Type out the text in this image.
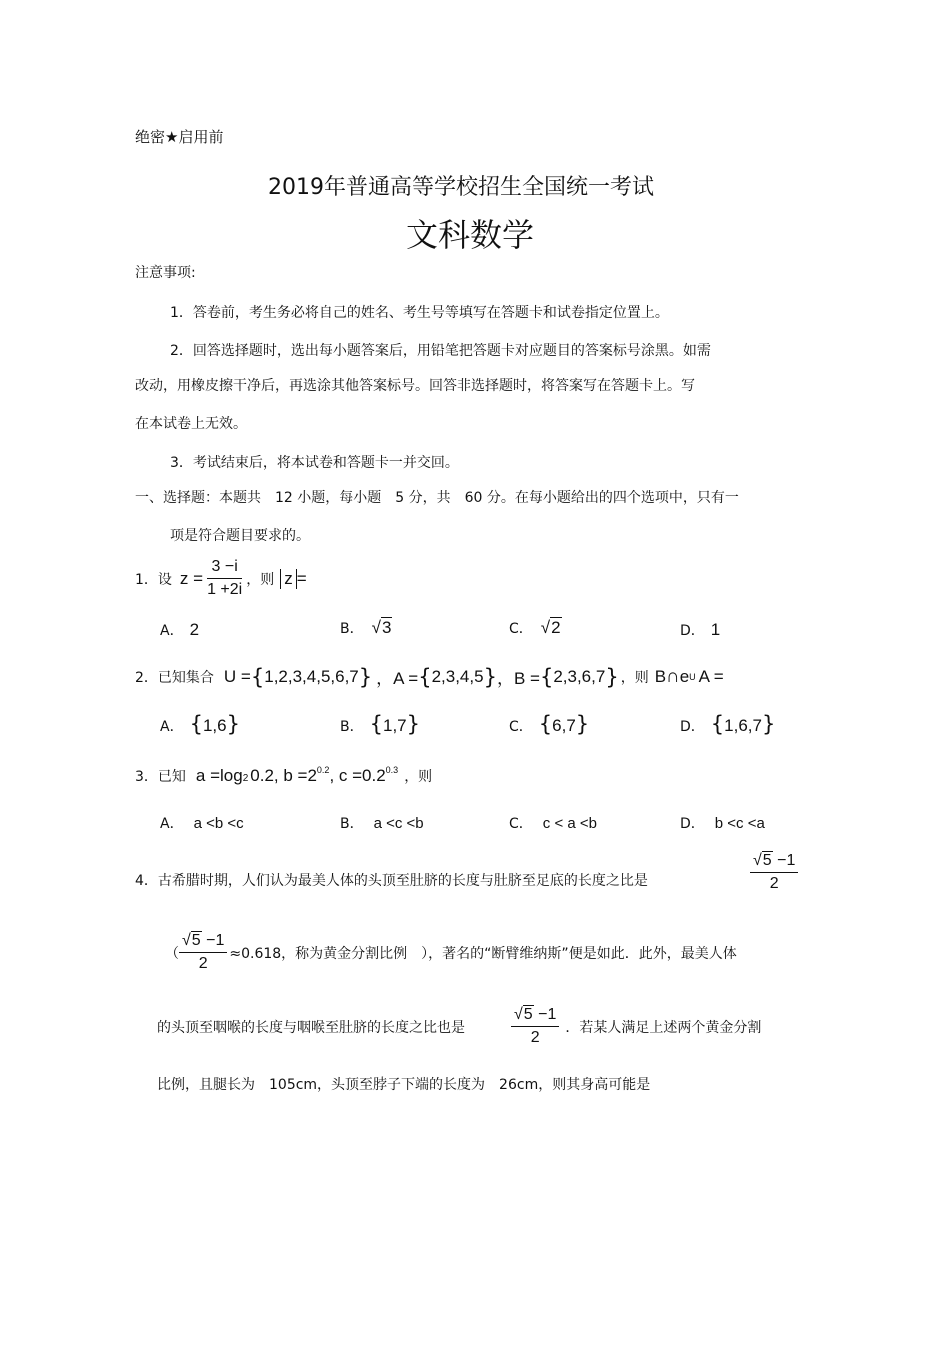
绝密★启用前
2019年普通高等学校招生全国统一考试
文科数学
注意事项:
1．答卷前，考生务必将自己的姓名、考生号等填写在答题卡和试卷指定位置上。
2．回答选择题时，选出每小题答案后，用铅笔把答题卡对应题目的答案标号涂黑。如需
改动，用橡皮擦干净后，再选涂其他答案标号。回答非选择题时，将答案写在答题卡上。写
在本试卷上无效。
3．考试结束后，将本试卷和答题卡一并交回。
一、选择题：本题共　12 小题，每小题　5 分，共　60 分。在每小题给出的四个选项中，只有一
项是符合题目要求的。
1．设 $z = \frac{3 -i}{1 +2i}$ ，则 z =
A． 2	B． √3	C． √2	D． 1
2．已知集合 U = { 1,2,3,4,5,6,7 } ，A = { 2,3,4,5 } ，B = { 2,3,6,7 } ，则 B ∩ e U A =
A． {1,6}	B． {1,7}	C． {6,7}	D． {1,6,7}
3．已知 a =log 2 0.2, $b =2^{0.2}$ , $c =0.2^{0.3}$ ，则
A． a <b <c	B． a <c <b	C． c < a <b	D． b <c <a
4．古希腊时期，人们认为最美人体的头顶至肚脐的长度与肚脐至足底的长度之比是	$\frac{√5 -1}{2}$
（ $\frac{√5 -1}{2} \approx 0.618$，称为黄金分割比例　），著名的“断臂维纳斯”便是如此．此外，最美人体
的头顶至咽喉的长度与咽喉至肚脐的长度之比也是	$\frac{√5 -1}{2}$ ．若某人满足上述两个黄金分割
比例，且腿长为　105cm，头顶至脖子下端的长度为　26cm，则其身高可能是
